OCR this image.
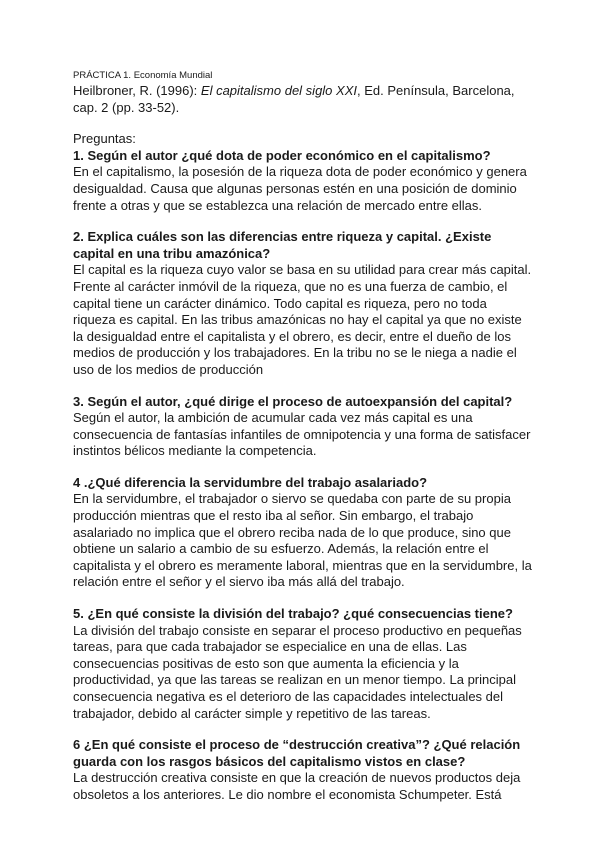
PRÁCTICA 1. Economía Mundial

Heilbroner, R. (1996): El capitalismo del siglo XXI, Ed. Península, Barcelona, cap. 2 (pp. 33-52).

Preguntas:

1. Según el autor ¿qué dota de poder económico en el capitalismo?

En el capitalismo, la posesión de la riqueza dota de poder económico y genera desigualdad. Causa que algunas personas estén en una posición de dominio frente a otras y que se establezca una relación de mercado entre ellas.

2. Explica cuáles son las diferencias entre riqueza y capital. ¿Existe capital en una tribu amazónica?

El capital es la riqueza cuyo valor se basa en su utilidad para crear más capital. Frente al carácter inmóvil de la riqueza, que no es una fuerza de cambio, el capital tiene un carácter dinámico. Todo capital es riqueza, pero no toda riqueza es capital. En las tribus amazónicas no hay el capital ya que no existe la desigualdad entre el capitalista y el obrero, es decir, entre el dueño de los medios de producción y los trabajadores. En la tribu no se le niega a nadie el uso de los medios de producción

3. Según el autor, ¿qué dirige el proceso de autoexpansión del capital?

Según el autor, la ambición de acumular cada vez más capital es una consecuencia de fantasías infantiles de omnipotencia y una forma de satisfacer instintos bélicos mediante la competencia.

4 .¿Qué diferencia la servidumbre del trabajo asalariado?

En la servidumbre, el trabajador o siervo se quedaba con parte de su propia producción mientras que el resto iba al señor. Sin embargo, el trabajo asalariado no implica que el obrero reciba nada de lo que produce, sino que obtiene un salario a cambio de su esfuerzo. Además, la relación entre el capitalista y el obrero es meramente laboral, mientras que en la servidumbre, la relación entre el señor y el siervo iba más allá del trabajo.

5. ¿En qué consiste la división del trabajo? ¿qué consecuencias tiene?

La división del trabajo consiste en separar el proceso productivo en pequeñas tareas, para que cada trabajador se especialice en una de ellas. Las consecuencias positivas de esto son que aumenta la eficiencia y la productividad, ya que las tareas se realizan en un menor tiempo. La principal consecuencia negativa es el deterioro de las capacidades intelectuales del trabajador, debido al carácter simple y repetitivo de las tareas.

6 ¿En qué consiste el proceso de “destrucción creativa”? ¿Qué relación guarda con los rasgos básicos del capitalismo vistos en clase?

La destrucción creativa consiste en que la creación de nuevos productos deja obsoletos a los anteriores. Le dio nombre el economista Schumpeter. Está
